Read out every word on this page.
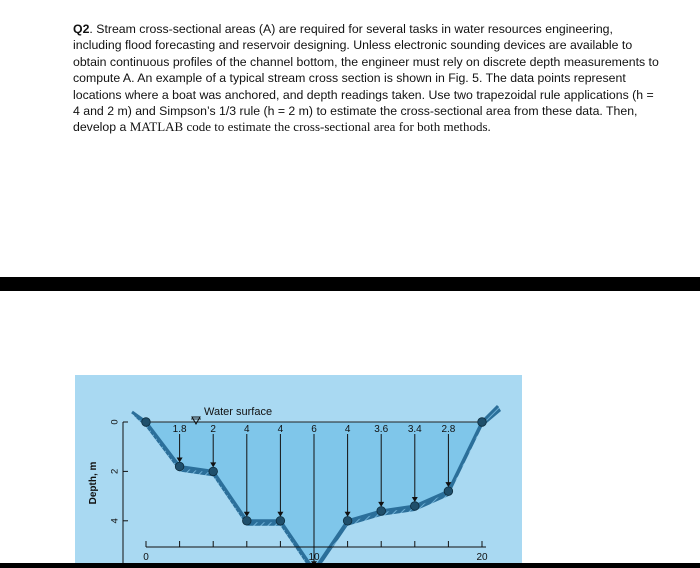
Q2. Stream cross-sectional areas (A) are required for several tasks in water resources engineering, including flood forecasting and reservoir designing. Unless electronic sounding devices are available to obtain continuous profiles of the channel bottom, the engineer must rely on discrete depth measurements to compute A. An example of a typical stream cross section is shown in Fig. 5. The data points represent locations where a boat was anchored, and depth readings taken. Use two trapezoidal rule applications (h = 4 and 2 m) and Simpson’s 1/3 rule (h = 2 m) to estimate the cross-sectional area from these data. Then, develop a MATLAB code to estimate the cross-sectional area for both methods.
1.8 2	4	4	6	4 3.6 3.4 2.8
0
2
4
0	10	20
Water surface
Depth, m
